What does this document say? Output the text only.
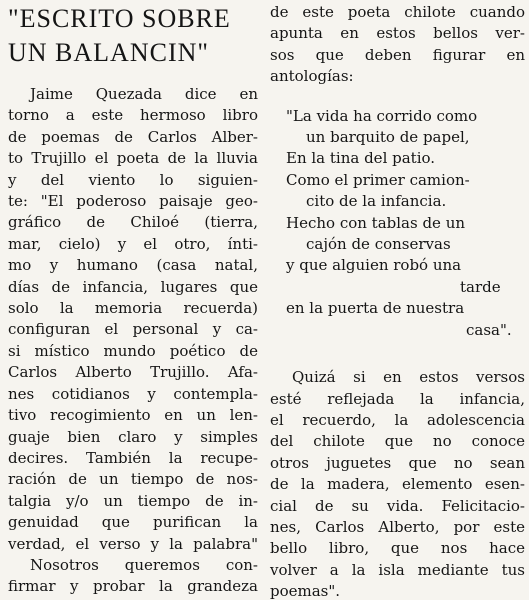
"ESCRITO SOBRE
UN BALANCIN"
Jaime Quezada dice en
torno a este hermoso libro
de poemas de Carlos Alber-
to Trujillo el poeta de la lluvia
y del viento lo siguien-
te: "El poderoso paisaje geo-
gráfico de Chiloé (tierra,
mar, cielo) y el otro, ínti-
mo y humano (casa natal,
días de infancia, lugares que
solo la memoria recuerda)
configuran el personal y ca-
si místico mundo poético de
Carlos Alberto Trujillo. Afa-
nes cotidianos y contempla-
tivo recogimiento en un len-
guaje bien claro y simples
decires. También la recupe-
ración de un tiempo de nos-
talgia y/o un tiempo de in-
genuidad que purifican la
verdad, el verso y la palabra"
Nosotros queremos con-
firmar y probar la grandeza
de este poeta chilote cuando
apunta en estos bellos ver-
sos que deben figurar en
antologías:
"La vida ha corrido como
un barquito de papel,
En la tina del patio.
Como el primer camion-
cito de la infancia.
Hecho con tablas de un
cajón de conservas
y que alguien robó una
tarde
en la puerta de nuestra
casa".
Quizá si en estos versos
esté reflejada la infancia,
el recuerdo, la adolescencia
del chilote que no conoce
otros juguetes que no sean
de la madera, elemento esen-
cial de su vida. Felicitacio-
nes, Carlos Alberto, por este
bello libro, que nos hace
volver a la isla mediante tus
poemas".
